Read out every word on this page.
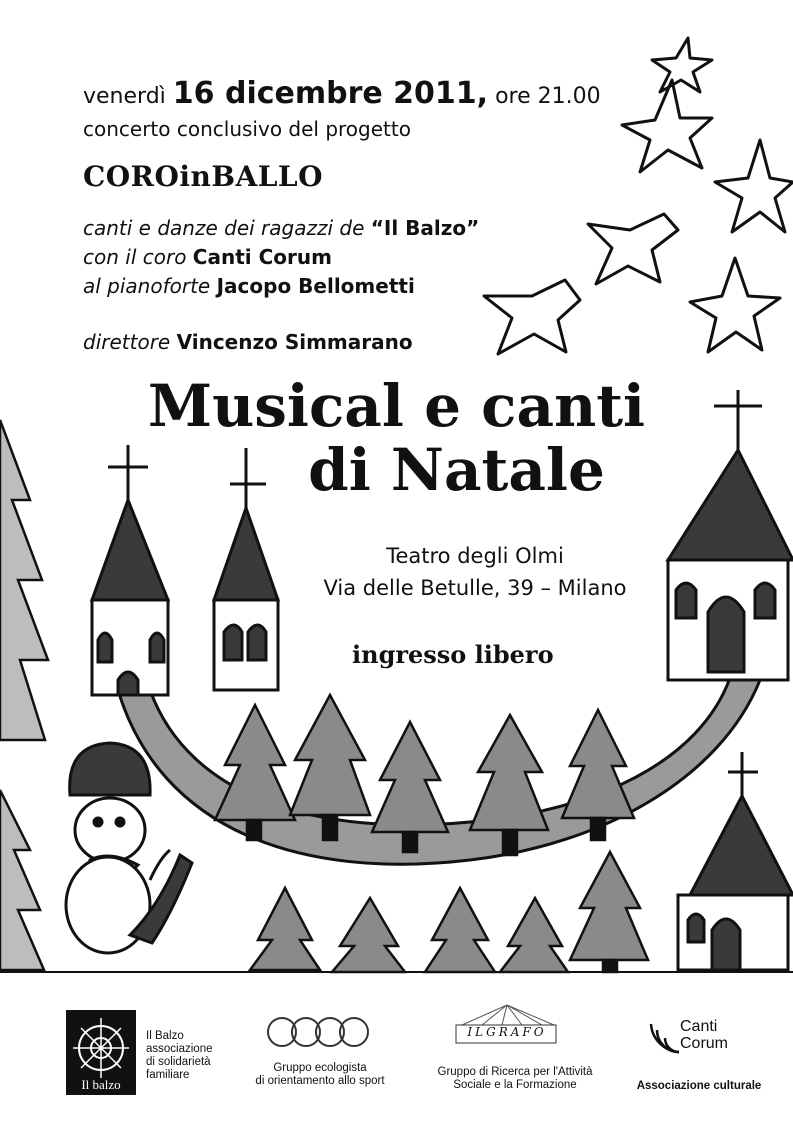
venerdì 16 dicembre 2011, ore 21.00
concerto conclusivo del progetto
COROinBALLO
canti e danze dei ragazzi de “Il Balzo”
con il coro Canti Corum
al pianoforte Jacopo Bellometti
direttore Vincenzo Simmarano
Musical e canti
di Natale
Teatro degli Olmi
Via delle Betulle, 39 – Milano
ingresso libero
Il balzo
Il Balzo
associazione
di solidarietà
familiare
Gruppo ecologista
di orientamento allo sport
ILGRAFO
Gruppo di Ricerca per l'Attività
Sociale e la Formazione
Canti
Corum
Associazione culturale
